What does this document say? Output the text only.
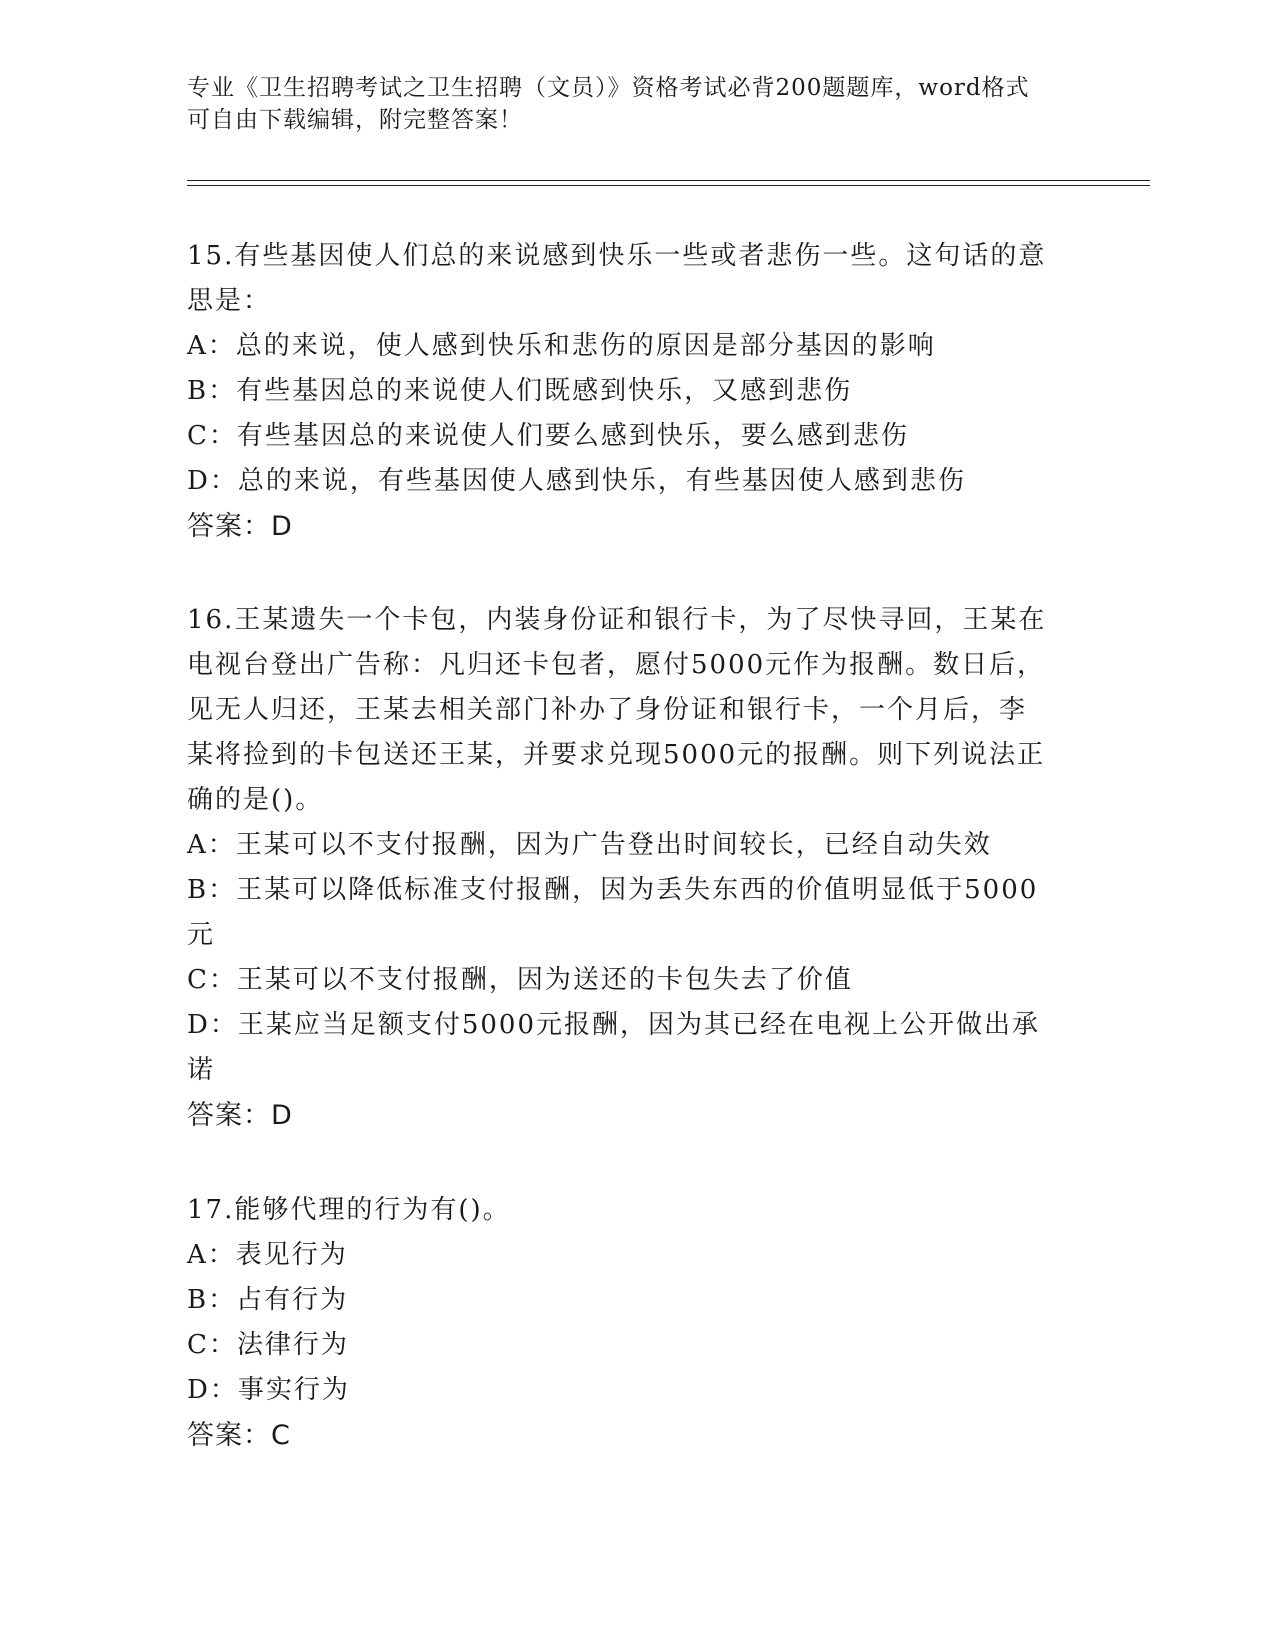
专业《卫生招聘考试之卫生招聘（文员）》资格考试必背200题题库，word格式
可自由下载编辑，附完整答案！
15.有些基因使人们总的来说感到快乐一些或者悲伤一些。这句话的意
思是：
A：总的来说，使人感到快乐和悲伤的原因是部分基因的影响
B：有些基因总的来说使人们既感到快乐，又感到悲伤
C：有些基因总的来说使人们要么感到快乐，要么感到悲伤
D：总的来说，有些基因使人感到快乐，有些基因使人感到悲伤
答案：D
16.王某遗失一个卡包，内装身份证和银行卡，为了尽快寻回，王某在
电视台登出广告称：凡归还卡包者，愿付5000元作为报酬。数日后，
见无人归还，王某去相关部门补办了身份证和银行卡，一个月后，李
某将捡到的卡包送还王某，并要求兑现5000元的报酬。则下列说法正
确的是()。
A：王某可以不支付报酬，因为广告登出时间较长，已经自动失效
B：王某可以降低标准支付报酬，因为丢失东西的价值明显低于5000
元
C：王某可以不支付报酬，因为送还的卡包失去了价值
D：王某应当足额支付5000元报酬，因为其已经在电视上公开做出承
诺
答案：D
17.能够代理的行为有()。
A：表见行为
B：占有行为
C：法律行为
D：事实行为
答案：C
